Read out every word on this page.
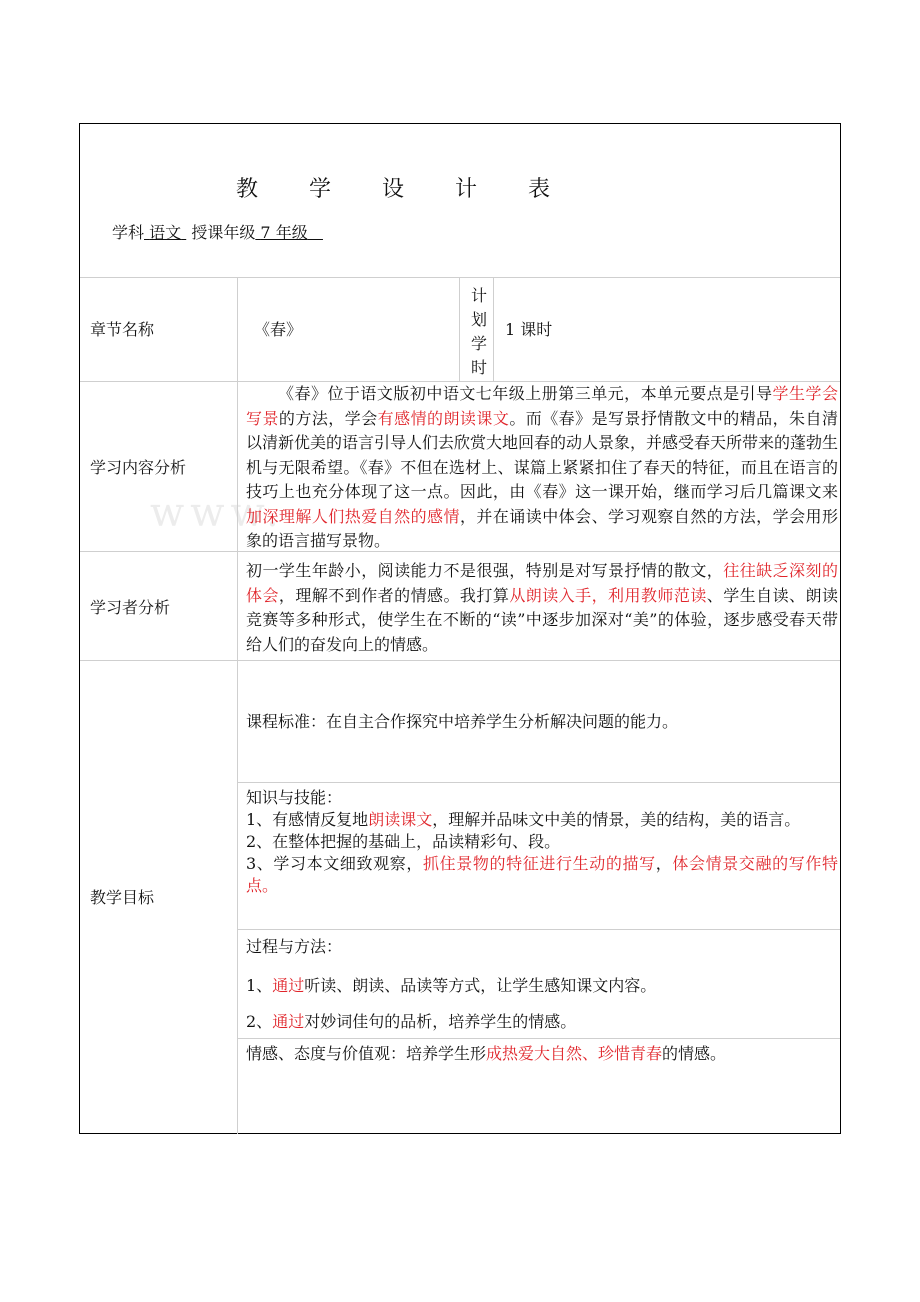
www.
教 学 设 计 表
学科 语文 授课年级 7 年级
章节名称	《春》
计
划
学
时
1 课时
学习内容分析
《春》位于语文版初中语文七年级上册第三单元，本单元要点是引导学生学会写景的方法，学会有感情的朗读课文。而《春》是写景抒情散文中的精品，朱自清以清新优美的语言引导人们去欣赏大地回春的动人景象，并感受春天所带来的蓬勃生机与无限希望。《春》不但在选材上、谋篇上紧紧扣住了春天的特征，而且在语言的技巧上也充分体现了这一点。因此，由《春》这一课开始，继而学习后几篇课文来加深理解人们热爱自然的感情，并在诵读中体会、学习观察自然的方法，学会用形象的语言描写景物。
学习者分析
初一学生年龄小，阅读能力不是很强，特别是对写景抒情的散文，往往缺乏深刻的体会，理解不到作者的情感。我打算从朗读入手，利用教师范读、学生自读、朗读竞赛等多种形式，使学生在不断的“读”中逐步加深对“美”的体验，逐步感受春天带给人们的奋发向上的情感。
教学目标
课程标准：在自主合作探究中培养学生分析解决问题的能力。
知识与技能：
1、有感情反复地朗读课文，理解并品味文中美的情景，美的结构，美的语言。
2、在整体把握的基础上，品读精彩句、段。
3、学习本文细致观察，抓住景物的特征进行生动的描写，体会情景交融的写作特点。
过程与方法：
1、通过听读、朗读、品读等方式，让学生感知课文内容。
2、通过对妙词佳句的品析，培养学生的情感。
情感、态度与价值观：培养学生形成热爱大自然、珍惜青春的情感。
